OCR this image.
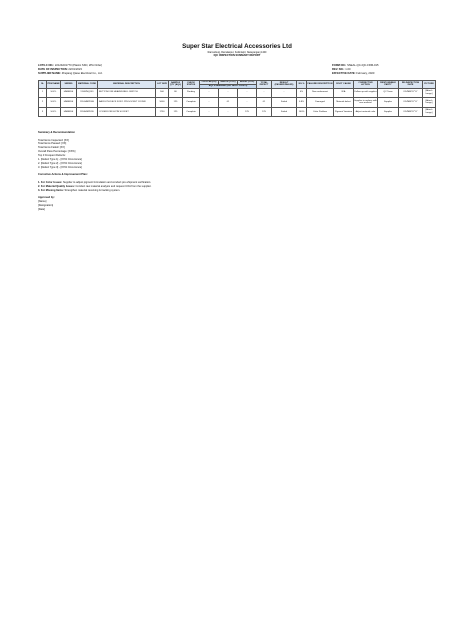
Super Star Electrical Accessories Ltd
Ramsoburg, Ramdaspur, Kodinlarpl, Narayanganj 1400
IQC INSPECTION SUMMARY REPORT
LOT/LC NO.: 2212FA01770 (Plastic SKD, 2PA Order)
DATE OF INSPECTION: 22/01/2023
SUPPLIER NAME: Zhejiang Qiaoe Electrical Co., Ltd.
FORM NO.: SSEAL-QC-IQC-FRM-015
REV. NO.: 1.00
EFFECTIVE DATE: February, 2020
SL	ITEM NAME	SERIES	MATERIAL CODE	MATERIAL DESCRIPTION	LOT SIZE	SAMPLE QTY (AQL)	CHECK STATUS	CRITICAL(0%)	MAJOR (1.0%)	MINOR (2.5%)	TOTAL DEFECT	RESULT (PASSED/FAILED)	NG %	FAILURE DESCRIPTION	ROOT CAUSE	CORRECTIVE ACTION	RESPONSIBLE PARTY	RE-INSPECTION DATE	PICTURE
								AQL STANDARD (ISO 2859-1 Level II)											
1	SOCL	HMBNDE	1116XNQ1S1	BUTTON FOR HEAVEN BELL SWITCH	500	80	Pending	-	-	-	-	-	0%	Non-conformant	N/A	Follow up with supplier	QC Team	DD/MM/YYYY	[Attach Image]
2	SOCL	HMBNDE	1116HMPD6B	BACKLITH DECK FOR 1 PIN SOCKET COVER	5000	125	Complete	-	01	-	01	Failed	0.8%	Damaged	Material defect	Supplier to replace with new material	Supplier	DD/MM/YYYY	[Attach Image]
3	SOCL	HMBNDE	1116HMPD5D	COVER FOR IH PIN SOCKET	1750	125	Complete	-	-	125	125	Failed	100%	Color Problem	Pigment Variation	Adjust material color	Supplier	DD/MM/YYYY	[Attach Image]
Summary & Recommendation
Total Items Inspected: [XX]
Total Items Passed: [XX]
Total Items Failed: [XX]
Overall Pass Percentage: [XX%]
Top 3 Frequent Defects:
1. [Defect Type 1] - [XX% Occurrence]
2. [Defect Type 2] - [XX% Occurrence]
3. [Defect Type 3] - [XX% Occurrence]
Corrective Actions & Improvement Plan:
1. For Color Issues: Supplier to adjust pigment formulation and conduct pre-shipment verification.
2. For Material Quality Issues: Conduct raw material analysis and request COA from the supplier.
3. For Missing Items: Strengthen material receiving & tracking system.
Approved by:
[Name]
[Designation]
[Date]
